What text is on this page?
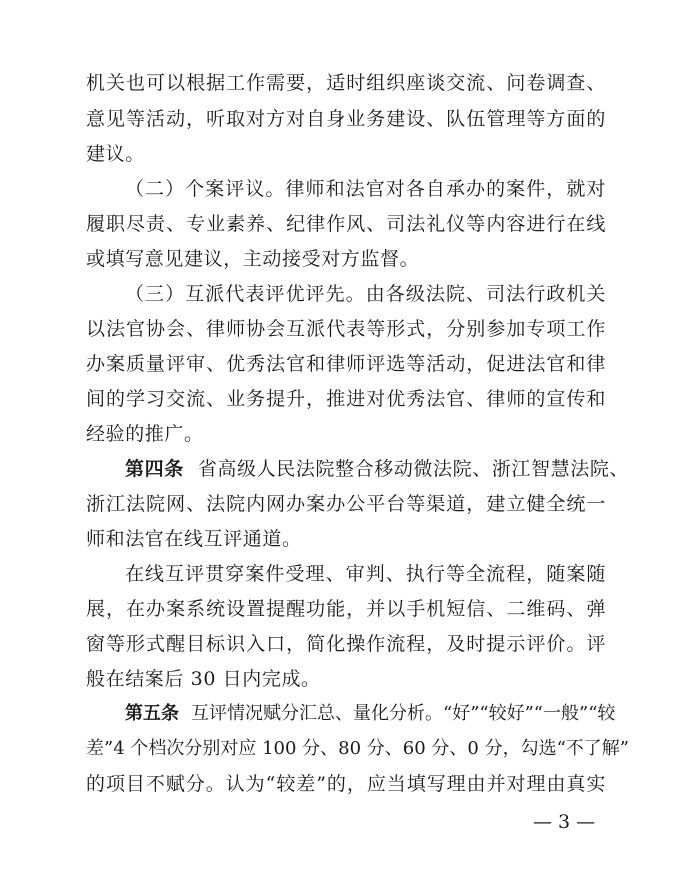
机关也可以根据工作需要，适时组织座谈交流、问卷调查、
意见等活动，听取对方对自身业务建设、队伍管理等方面的
建议。
（二）个案评议。律师和法官对各自承办的案件，就对
履职尽责、专业素养、纪律作风、司法礼仪等内容进行在线
或填写意见建议，主动接受对方监督。
（三）互派代表评优评先。由各级法院、司法行政机关
以法官协会、律师协会互派代表等形式，分别参加专项工作
办案质量评审、优秀法官和律师评选等活动，促进法官和律
间的学习交流、业务提升，推进对优秀法官、律师的宣传和
经验的推广。
第四条 省高级人民法院整合移动微法院、浙江智慧法院、
浙江法院网、法院内网办案办公平台等渠道，建立健全统一
师和法官在线互评通道。
在线互评贯穿案件受理、审判、执行等全流程，随案随
展，在办案系统设置提醒功能，并以手机短信、二维码、弹
窗等形式醒目标识入口，简化操作流程，及时提示评价。评
般在结案后 30 日内完成。
第五条 互评情况赋分汇总、量化分析。“好”“较好”“一般”“较
差”4 个档次分别对应 100 分、80 分、60 分、0 分，勾选“不了解”
的项目不赋分。认为“较差”的，应当填写理由并对理由真实
— 3 —
